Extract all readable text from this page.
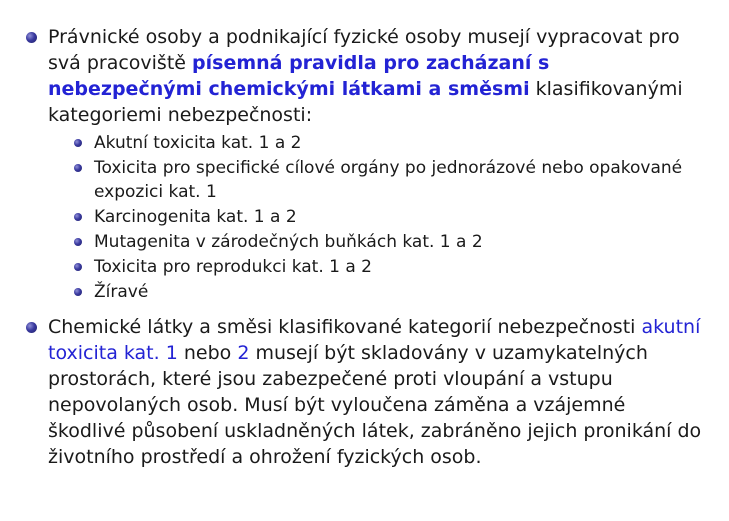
Právnické osoby a podnikající fyzické osoby musejí vypracovat pro svá pracoviště písemná pravidla pro zacházaní s nebezpečnými chemickými látkami a směsmi klasifikovanými kategoriemi nebezpečnosti:
Akutní toxicita kat. 1 a 2
Toxicita pro specifické cílové orgány po jednorázové nebo opakované expozici kat. 1
Karcinogenita kat. 1 a 2
Mutagenita v zárodečných buňkách kat. 1 a 2
Toxicita pro reprodukci kat. 1 a 2
Žíravé
Chemické látky a směsi klasifikované kategorií nebezpečnosti akutní toxicita kat. 1 nebo 2 musejí být skladovány v uzamykatelných prostorách, které jsou zabezpečené proti vloupání a vstupu nepovolaných osob. Musí být vyloučena záměna a vzájemné škodlivé působení uskladněných látek, zabráněno jejich pronikání do životního prostředí a ohrožení fyzických osob.
